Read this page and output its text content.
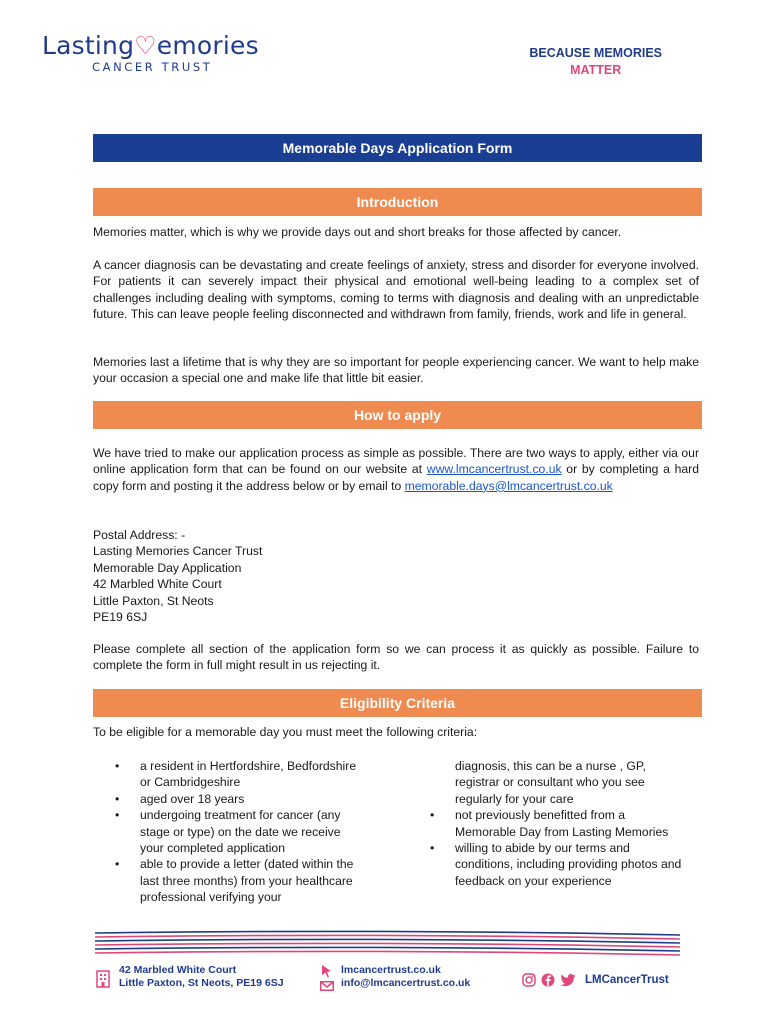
Lasting♡emories
CANCER TRUST
BECAUSE MEMORIES
MATTER
Memorable Days Application Form
Introduction

Memories matter, which is why we provide days out and short breaks for those affected by cancer.

A cancer diagnosis can be devastating and create feelings of anxiety, stress and disorder for everyone involved. For patients it can severely impact their physical and emotional well-being leading to a complex set of challenges including dealing with symptoms, coming to terms with diagnosis and dealing with an unpredictable future. This can leave people feeling disconnected and withdrawn from family, friends, work and life in general.

Memories last a lifetime that is why they are so important for people experiencing cancer. We want to help make your occasion a special one and make life that little bit easier.

How to apply

We have tried to make our application process as simple as possible. There are two ways to apply, either via our online application form that can be found on our website at www.lmcancertrust.co.uk or by completing a hard copy form and posting it the address below or by email to memorable.days@lmcancertrust.co.uk

Postal Address: -
Lasting Memories Cancer Trust
Memorable Day Application
42 Marbled White Court
Little Paxton, St Neots
PE19 6SJ

Please complete all section of the application form so we can process it as quickly as possible. Failure to complete the form in full might result in us rejecting it.

Eligibility Criteria

To be eligible for a memorable day you must meet the following criteria:

• a resident in Hertfordshire, Bedfordshire or Cambridgeshire
• aged over 18 years
• undergoing treatment for cancer (any stage or type) on the date we receive your completed application
• able to provide a letter (dated within the last three months) from your healthcare professional verifying your
diagnosis, this can be a nurse , GP, registrar or consultant who you see regularly for your care
• not previously benefitted from a Memorable Day from Lasting Memories
• willing to abide by our terms and conditions, including providing photos and feedback on your experience
42 Marbled White Court
Little Paxton, St Neots, PE19 6SJ
lmcancertrust.co.uk
info@lmcancertrust.co.uk	LMCancerTrust
